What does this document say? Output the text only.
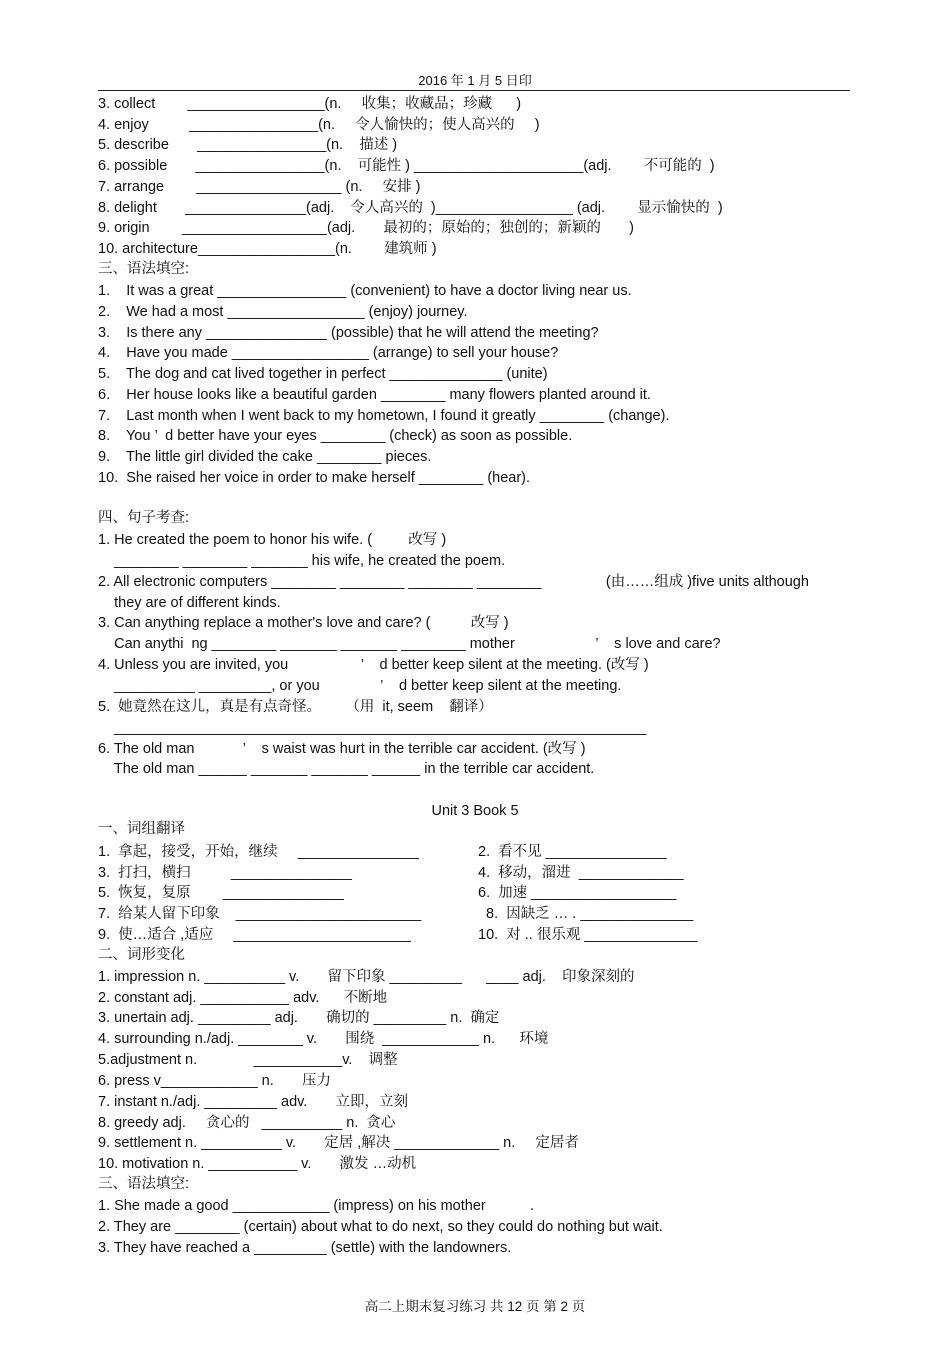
2016 年 1 月 5 日印
3. collect        _________________(n.     收集；收藏品；珍藏      )
4. enjoy          ________________(n.     令人愉快的；使人高兴的     )
5. describe       ________________(n.    描述 )
6. possible       ________________(n.    可能性 ) _____________________(adj.        不可能的  )
7. arrange        __________________ (n.     安排 )
8. delight       _______________(adj.    令人高兴的  )_________________ (adj.        显示愉快的  )
9. origin        __________________(adj.       最初的；原始的；独创的；新颖的       )
10. architecture_________________(n.        建筑师 )
三、语法填空:
1.    It was a great ________________ (convenient) to have a doctor living near us.
2.    We had a most _________________ (enjoy) journey.
3.    Is there any _______________ (possible) that he will attend the meeting?
4.    Have you made _________________ (arrange) to sell your house?
5.    The dog and cat lived together in perfect ______________ (unite)
6.    Her house looks like a beautiful garden ________ many flowers planted around it.
7.    Last month when I went back to my hometown, I found it greatly ________ (change).
8.    You ’  d better have your eyes ________ (check) as soon as possible.
9.    The little girl divided the cake ________ pieces.
10.  She raised her voice in order to make herself ________ (hear).
四、句子考查:
1. He created the poem to honor his wife. (         改写 )
________ ________ _______ his wife, he created the poem.
2. All electronic computers ________ ________ ________ ________                (由……组成 )five units although
they are of different kinds.
3. Can anything replace a mother's love and care? (          改写 )
Can anythi  ng ________ _______ _______ ________ mother                    ’    s love and care?
4. Unless you are invited, you                  ’    d better keep silent at the meeting. (改写 )
__________ _________, or you               ’    d better keep silent at the meeting.
5.  她竟然在这儿，真是有点奇怪。      （用  it, seem    翻译）
__________________________________________________________________
6. The old man            ’    s waist was hurt in the terrible car accident. (改写 )
The old man ______ _______ _______ ______ in the terrible car accident.
Unit 3 Book 5
一、词组翻译
1.  拿起，接受，开始，继续     _______________	2.  看不见 _______________
3.  打扫，横扫          _______________	4.  移动，溜进  _____________
5.  恢复，复原        _______________	6.  加速 __________________
7.  给某人留下印象    _______________________	8.  因缺乏 … . ______________
9.  使…适合 ,适应     ______________________	10.  对 .. 很乐观 ______________
二、词形变化
1. impression n. __________ v.       留下印象 _________      ____ adj.    印象深刻的
2. constant adj. ___________ adv.      不断地
3. unertain adj. _________ adj.       确切的 _________ n.  确定
4. surrounding n./adj. ________ v.       围绕  ____________ n.      环境
5.adjustment n.              ___________v.    调整
6. press v____________ n.       压力
7. instant n./adj. _________ adv.       立即，立刻
8. greedy adj.     贪心的   __________ n.  贪心
9. settlement n. __________ v.       定居 ,解决 _____________ n.     定居者
10. motivation n. ___________ v.       激发 …动机
三、语法填空:
1. She made a good ____________ (impress) on his mother           .
2. They are ________ (certain) about what to do next, so they could do nothing but wait.
3. They have reached a _________ (settle) with the landowners.
高二上期末复习练习 共 12 页 第 2 页
